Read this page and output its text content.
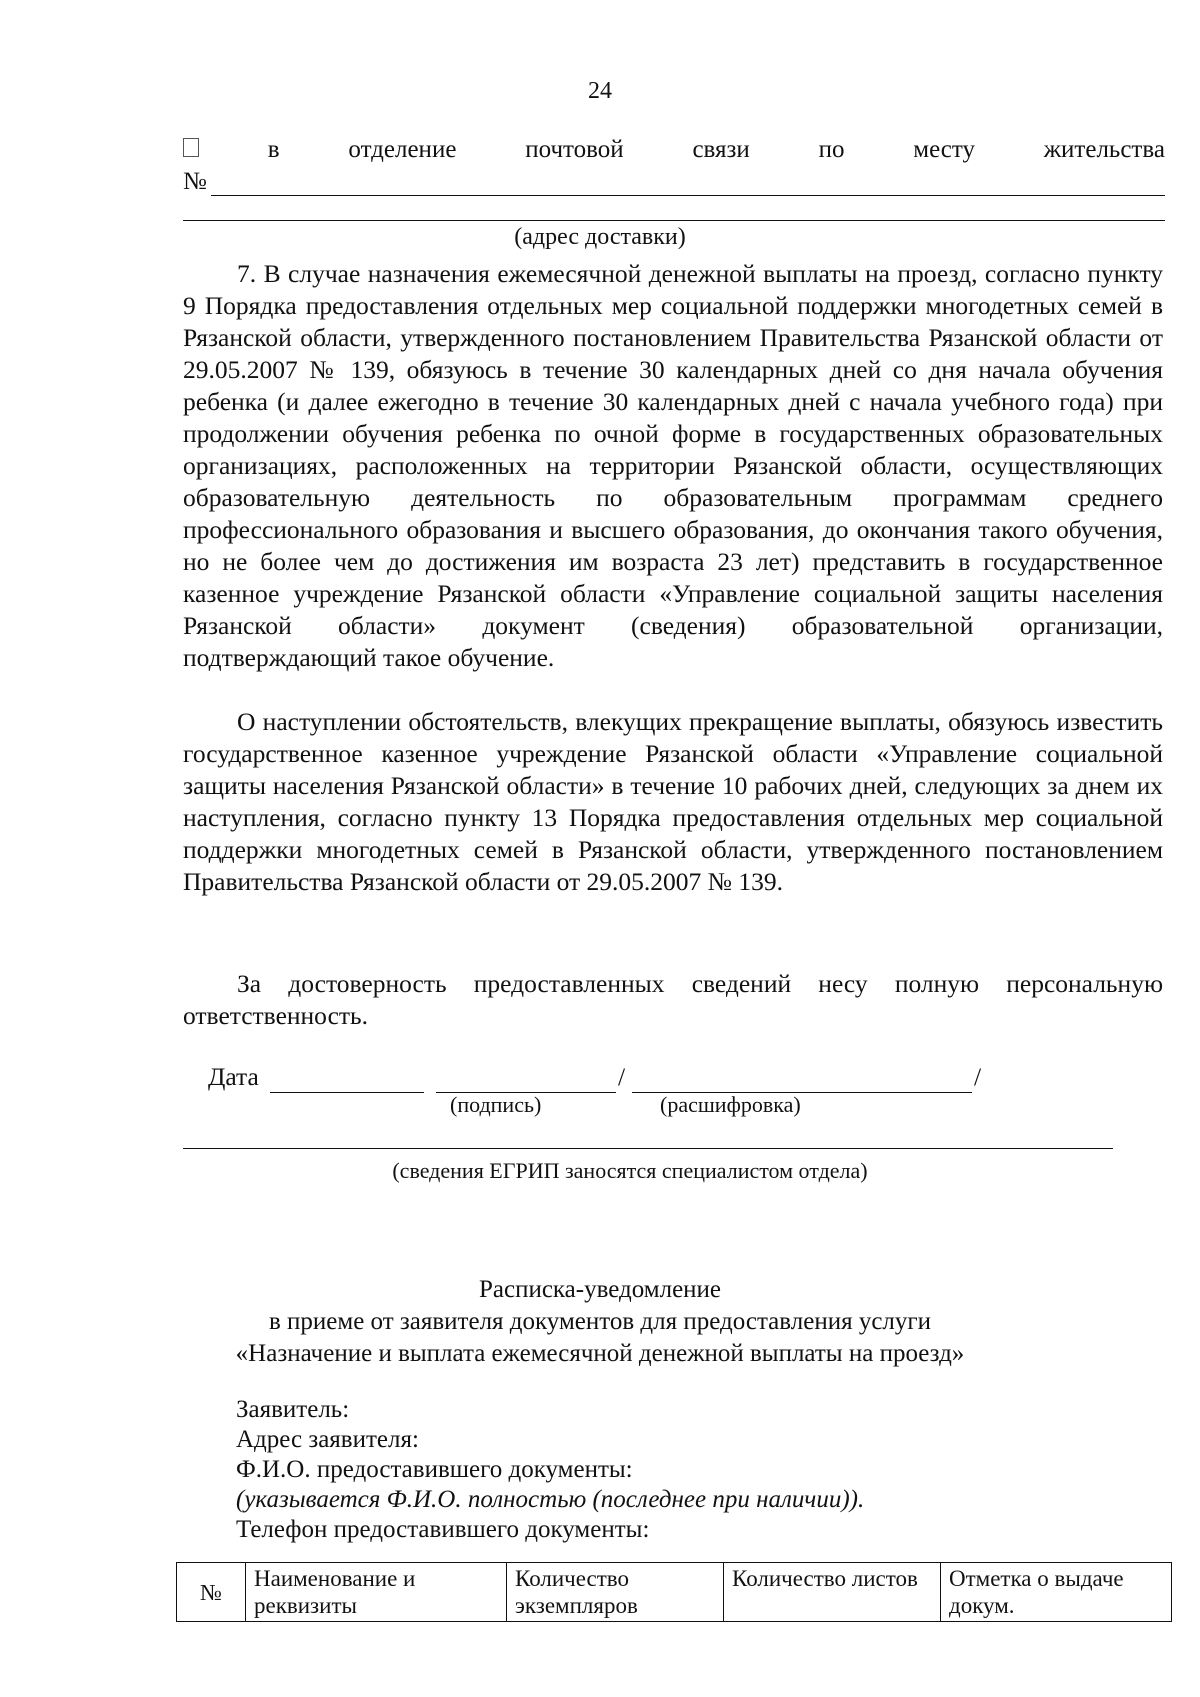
24
в	отделение	почтовой	связи	по	месту	жительства
№
(адрес доставки)

7. В случае назначения ежемесячной денежной выплаты на проезд, согласно пункту 9 Порядка предоставления отдельных мер социальной поддержки многодетных семей в Рязанской области, утвержденного постановлением Правительства Рязанской области от 29.05.2007 № 139, обязуюсь в течение 30 календарных дней со дня начала обучения ребенка (и далее ежегодно в течение 30 календарных дней с начала учебного года) при продолжении обучения ребенка по очной форме в государственных образовательных организациях, расположенных на территории Рязанской области, осуществляющих образовательную деятельность по образовательным программам среднего профессионального образования и высшего образования, до окончания такого обучения, но не более чем до достижения им возраста 23 лет) представить в государственное казенное учреждение Рязанской области «Управление социальной защиты населения Рязанской области» документ (сведения) образовательной организации, подтверждающий такое обучение.

О наступлении обстоятельств, влекущих прекращение выплаты, обязуюсь известить государственное казенное учреждение Рязанской области «Управление социальной защиты населения Рязанской области» в течение 10 рабочих дней, следующих за днем их наступления, согласно пункту 13 Порядка предоставления отдельных мер социальной поддержки многодетных семей в Рязанской области, утвержденного постановлением Правительства Рязанской области от 29.05.2007 № 139.

За достоверность предоставленных сведений несу полную персональную ответственность.

Дата	/	/
(подпись)	(расшифровка)
(сведения ЕГРИП заносятся специалистом отдела)
Расписка-уведомление
в приеме от заявителя документов для предоставления услуги
«Назначение и выплата ежемесячной денежной выплаты на проезд»
Заявитель:
Адрес заявителя:
Ф.И.О. предоставившего документы:
(указывается Ф.И.О. полностью (последнее при наличии)).
Телефон предоставившего документы:
№	Наименование и реквизиты	Количество экземпляров	Количество листов	Отметка о выдаче докум.
